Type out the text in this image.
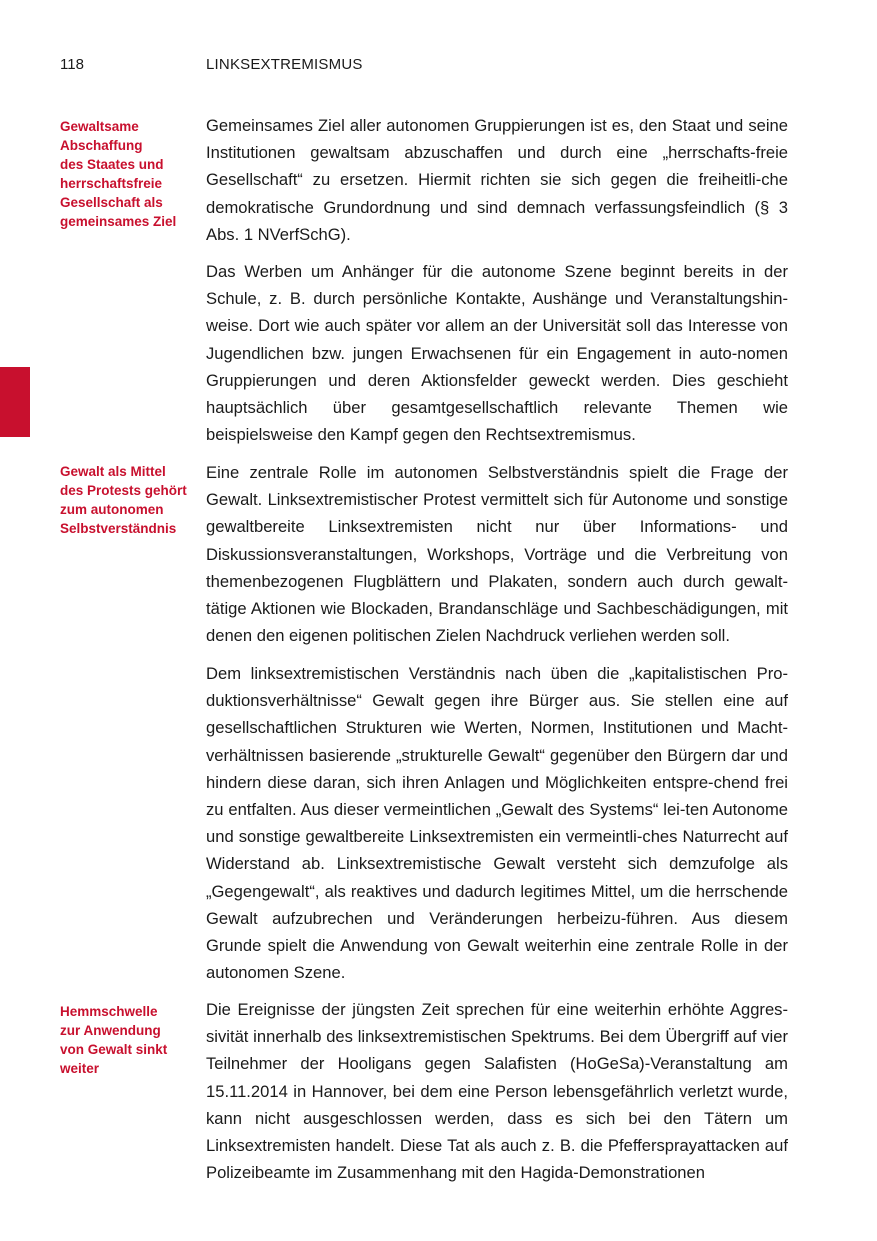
118	LINKSEXTREMISMUS
Gewaltsame
Abschaffung
des Staates und
herrschaftsfreie
Gesellschaft als
gemeinsames Ziel
Gewalt als Mittel
des Protests gehört
zum autonomen
Selbstverständnis
Hemmschwelle
zur Anwendung
von Gewalt sinkt
weiter

Gemeinsames Ziel aller autonomen Gruppierungen ist es, den Staat und seine Institutionen gewaltsam abzuschaffen und durch eine „herrschafts-freie Gesellschaft“ zu ersetzen. Hiermit richten sie sich gegen die freiheitli-che demokratische Grundordnung und sind demnach verfassungsfeindlich (§ 3 Abs. 1 NVerfSchG).

Das Werben um Anhänger für die autonome Szene beginnt bereits in der Schule, z. B. durch persönliche Kontakte, Aushänge und Veranstaltungshin-weise. Dort wie auch später vor allem an der Universität soll das Interesse von Jugendlichen bzw. jungen Erwachsenen für ein Engagement in auto-nomen Gruppierungen und deren Aktionsfelder geweckt werden. Dies geschieht hauptsächlich über gesamtgesellschaftlich relevante Themen wie beispielsweise den Kampf gegen den Rechtsextremismus.

Eine zentrale Rolle im autonomen Selbstverständnis spielt die Frage der Gewalt. Linksextremistischer Protest vermittelt sich für Autonome und sonstige gewaltbereite Linksextremisten nicht nur über Informations- und Diskussionsveranstaltungen, Workshops, Vorträge und die Verbreitung von themenbezogenen Flugblättern und Plakaten, sondern auch durch gewalt-tätige Aktionen wie Blockaden, Brandanschläge und Sachbeschädigungen, mit denen den eigenen politischen Zielen Nachdruck verliehen werden soll.

Dem linksextremistischen Verständnis nach üben die „kapitalistischen Pro-duktionsverhältnisse“ Gewalt gegen ihre Bürger aus. Sie stellen eine auf gesellschaftlichen Strukturen wie Werten, Normen, Institutionen und Macht-verhältnissen basierende „strukturelle Gewalt“ gegenüber den Bürgern dar und hindern diese daran, sich ihren Anlagen und Möglichkeiten entspre-chend frei zu entfalten. Aus dieser vermeintlichen „Gewalt des Systems“ lei-ten Autonome und sonstige gewaltbereite Linksextremisten ein vermeintli-ches Naturrecht auf Widerstand ab. Linksextremistische Gewalt versteht sich demzufolge als „Gegengewalt“, als reaktives und dadurch legitimes Mittel, um die herrschende Gewalt aufzubrechen und Veränderungen herbeizu-führen. Aus diesem Grunde spielt die Anwendung von Gewalt weiterhin eine zentrale Rolle in der autonomen Szene.

Die Ereignisse der jüngsten Zeit sprechen für eine weiterhin erhöhte Aggres-sivität innerhalb des linksextremistischen Spektrums. Bei dem Übergriff auf vier Teilnehmer der Hooligans gegen Salafisten (HoGeSa)-Veranstaltung am 15.11.2014 in Hannover, bei dem eine Person lebensgefährlich verletzt wurde, kann nicht ausgeschlossen werden, dass es sich bei den Tätern um Linksextremisten handelt. Diese Tat als auch z. B. die Pfeffersprayattacken auf Polizeibeamte im Zusammenhang mit den Hagida-Demonstrationen
